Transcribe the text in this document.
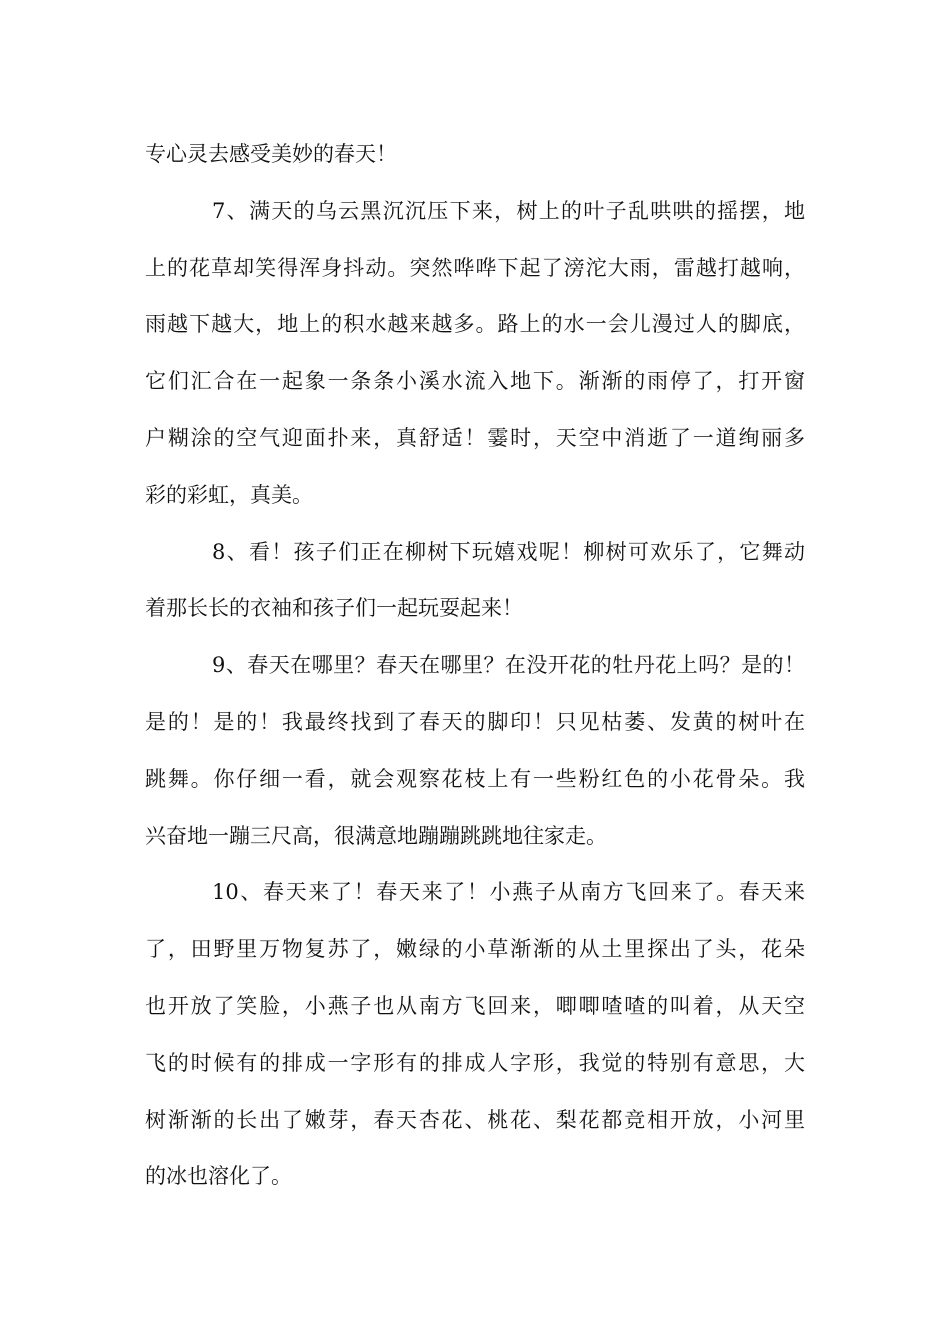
专心灵去感受美妙的春天！
7、满天的乌云黑沉沉压下来，树上的叶子乱哄哄的摇摆，地
上的花草却笑得浑身抖动。突然哗哗下起了滂沱大雨，雷越打越响，
雨越下越大，地上的积水越来越多。路上的水一会儿漫过人的脚底，
它们汇合在一起象一条条小溪水流入地下。渐渐的雨停了，打开窗
户糊涂的空气迎面扑来，真舒适！霎时，天空中消逝了一道绚丽多
彩的彩虹，真美。
8、看！孩子们正在柳树下玩嬉戏呢！柳树可欢乐了，它舞动
着那长长的衣袖和孩子们一起玩耍起来！
9、春天在哪里？春天在哪里？在没开花的牡丹花上吗？是的！
是的！是的！我最终找到了春天的脚印！只见枯萎、发黄的树叶在
跳舞。你仔细一看，就会观察花枝上有一些粉红色的小花骨朵。我
兴奋地一蹦三尺高，很满意地蹦蹦跳跳地往家走。
10、春天来了！春天来了！小燕子从南方飞回来了。春天来
了，田野里万物复苏了，嫩绿的小草渐渐的从土里探出了头，花朵
也开放了笑脸，小燕子也从南方飞回来，唧唧喳喳的叫着，从天空
飞的时候有的排成一字形有的排成人字形，我觉的特别有意思，大
树渐渐的长出了嫩芽，春天杏花、桃花、梨花都竞相开放，小河里
的冰也溶化了。
